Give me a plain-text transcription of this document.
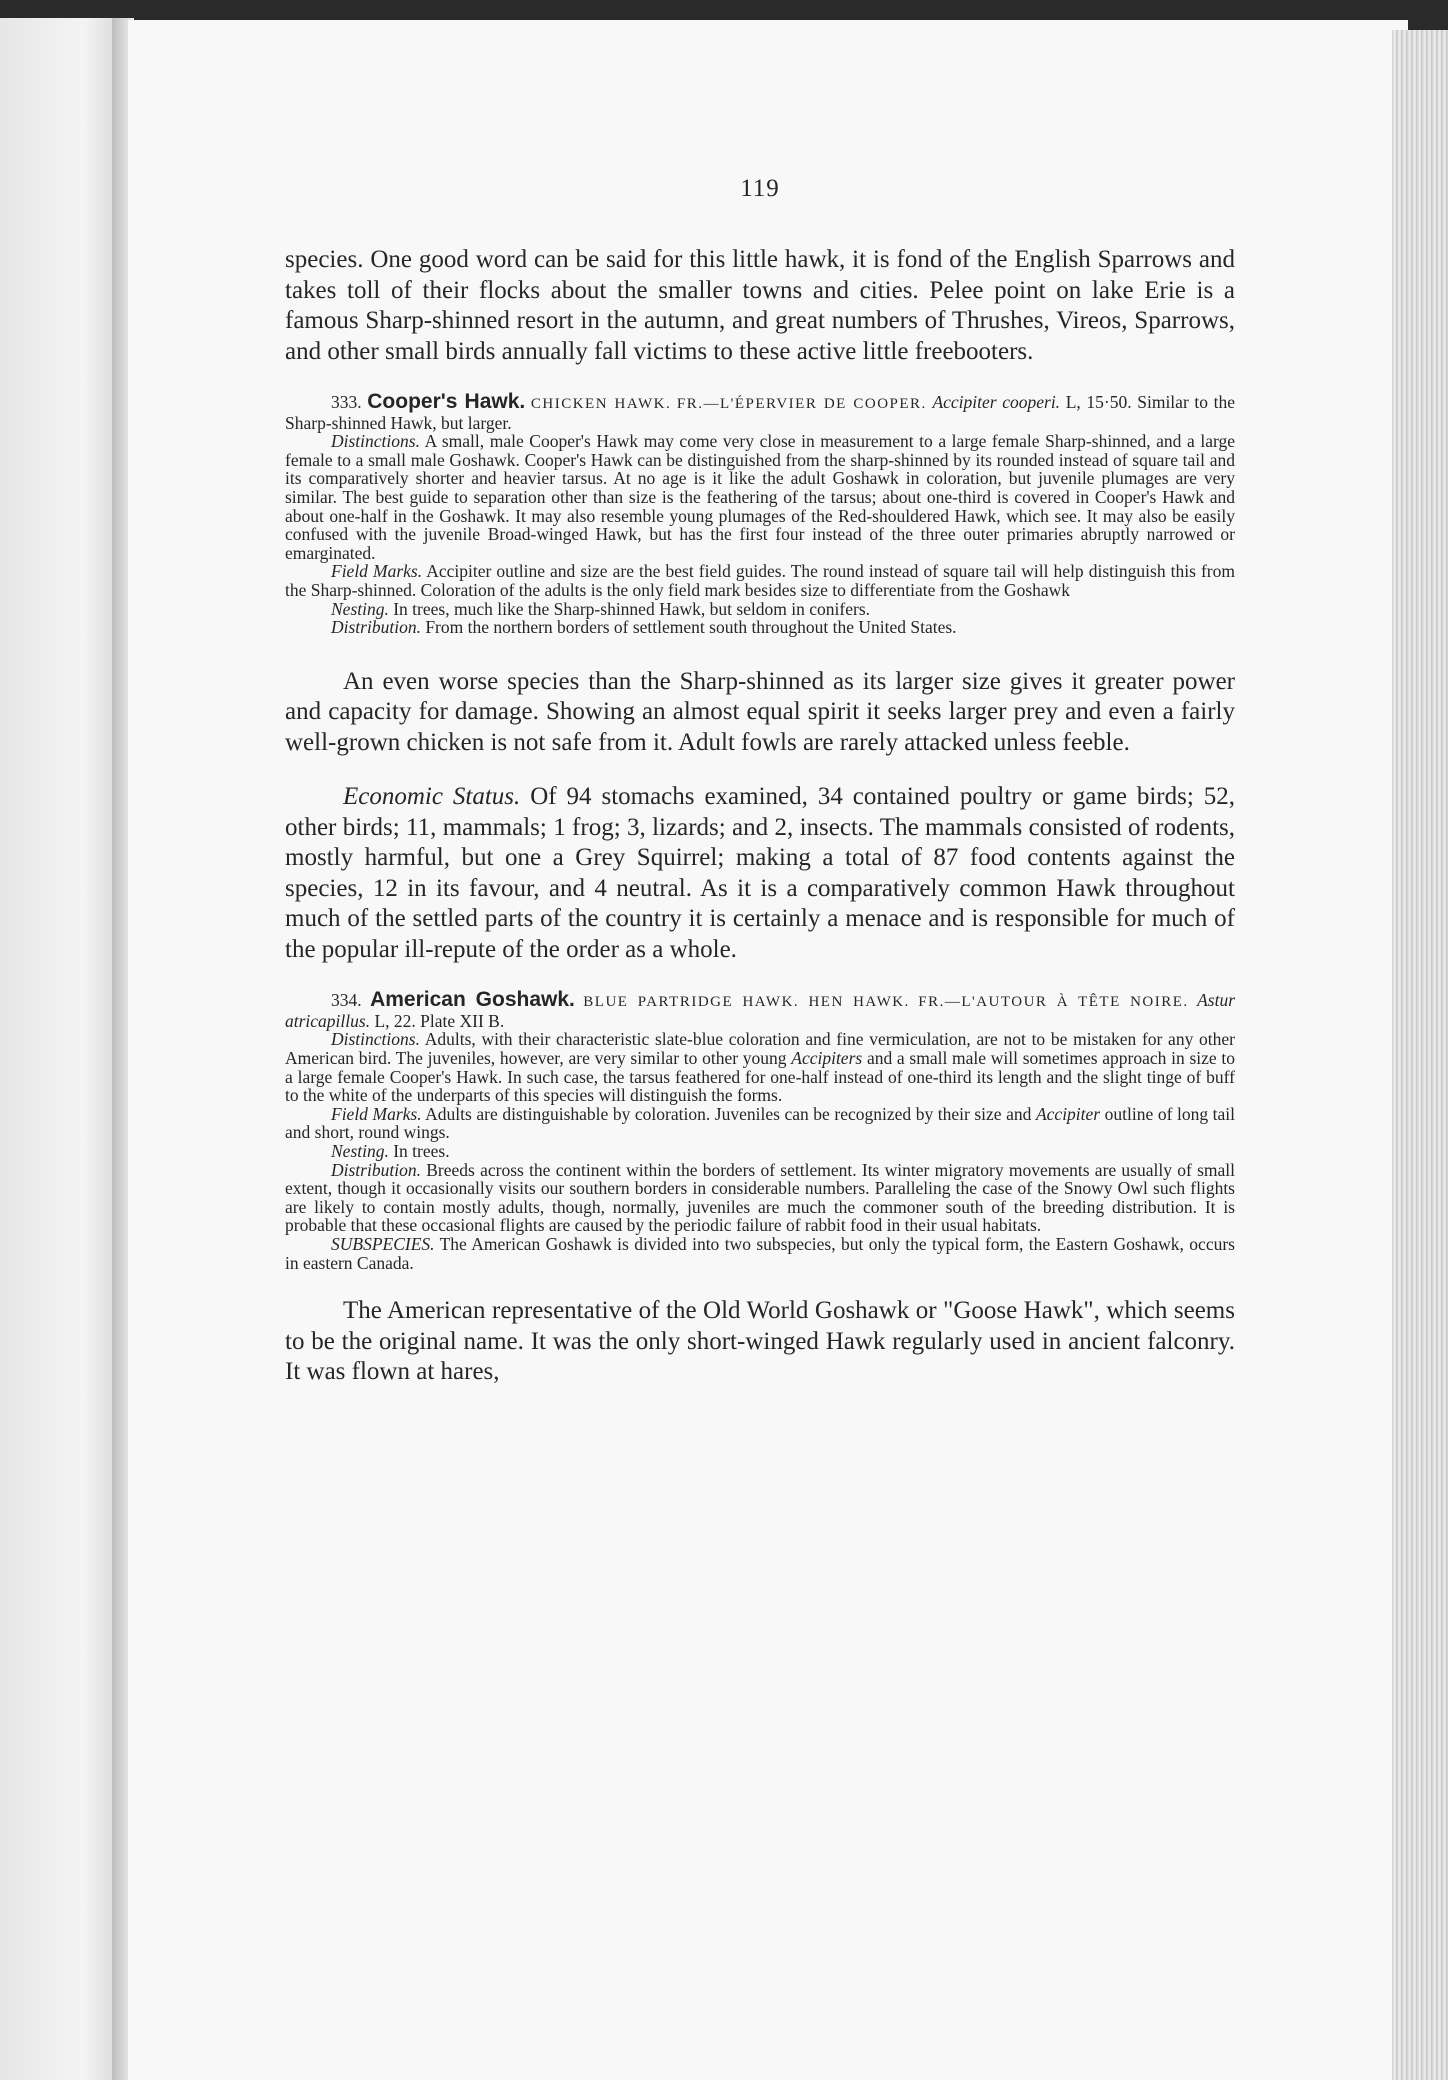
119

species. One good word can be said for this little hawk, it is fond of the English Sparrows and takes toll of their flocks about the smaller towns and cities. Pelee point on lake Erie is a famous Sharp-shinned resort in the autumn, and great numbers of Thrushes, Vireos, Sparrows, and other small birds annually fall victims to these active little freebooters.

333. Cooper's Hawk. CHICKEN HAWK. FR.—L'ÉPERVIER DE COOPER. Accipiter cooperi. L, 15·50. Similar to the Sharp-shinned Hawk, but larger.

Distinctions. A small, male Cooper's Hawk may come very close in measurement to a large female Sharp-shinned, and a large female to a small male Goshawk. Cooper's Hawk can be distinguished from the sharp-shinned by its rounded instead of square tail and its comparatively shorter and heavier tarsus. At no age is it like the adult Goshawk in coloration, but juvenile plumages are very similar. The best guide to separation other than size is the feathering of the tarsus; about one-third is covered in Cooper's Hawk and about one-half in the Goshawk. It may also resemble young plumages of the Red-shouldered Hawk, which see. It may also be easily confused with the juvenile Broad-winged Hawk, but has the first four instead of the three outer primaries abruptly narrowed or emarginated.

Field Marks. Accipiter outline and size are the best field guides. The round instead of square tail will help distinguish this from the Sharp-shinned. Coloration of the adults is the only field mark besides size to differentiate from the Goshawk

Nesting. In trees, much like the Sharp-shinned Hawk, but seldom in conifers.

Distribution. From the northern borders of settlement south throughout the United States.

An even worse species than the Sharp-shinned as its larger size gives it greater power and capacity for damage. Showing an almost equal spirit it seeks larger prey and even a fairly well-grown chicken is not safe from it. Adult fowls are rarely attacked unless feeble.

Economic Status. Of 94 stomachs examined, 34 contained poultry or game birds; 52, other birds; 11, mammals; 1 frog; 3, lizards; and 2, insects. The mammals consisted of rodents, mostly harmful, but one a Grey Squirrel; making a total of 87 food contents against the species, 12 in its favour, and 4 neutral. As it is a comparatively common Hawk throughout much of the settled parts of the country it is certainly a menace and is responsible for much of the popular ill-repute of the order as a whole.

334. American Goshawk. BLUE PARTRIDGE HAWK. HEN HAWK. FR.—L'AUTOUR À TÊTE NOIRE. Astur atricapillus. L, 22. Plate XII B.

Distinctions. Adults, with their characteristic slate-blue coloration and fine vermiculation, are not to be mistaken for any other American bird. The juveniles, however, are very similar to other young Accipiters and a small male will sometimes approach in size to a large female Cooper's Hawk. In such case, the tarsus feathered for one-half instead of one-third its length and the slight tinge of buff to the white of the underparts of this species will distinguish the forms.

Field Marks. Adults are distinguishable by coloration. Juveniles can be recognized by their size and Accipiter outline of long tail and short, round wings.

Nesting. In trees.

Distribution. Breeds across the continent within the borders of settlement. Its winter migratory movements are usually of small extent, though it occasionally visits our southern borders in considerable numbers. Paralleling the case of the Snowy Owl such flights are likely to contain mostly adults, though, normally, juveniles are much the commoner south of the breeding distribution. It is probable that these occasional flights are caused by the periodic failure of rabbit food in their usual habitats.

SUBSPECIES. The American Goshawk is divided into two subspecies, but only the typical form, the Eastern Goshawk, occurs in eastern Canada.

The American representative of the Old World Goshawk or "Goose Hawk", which seems to be the original name. It was the only short-winged Hawk regularly used in ancient falconry. It was flown at hares,
